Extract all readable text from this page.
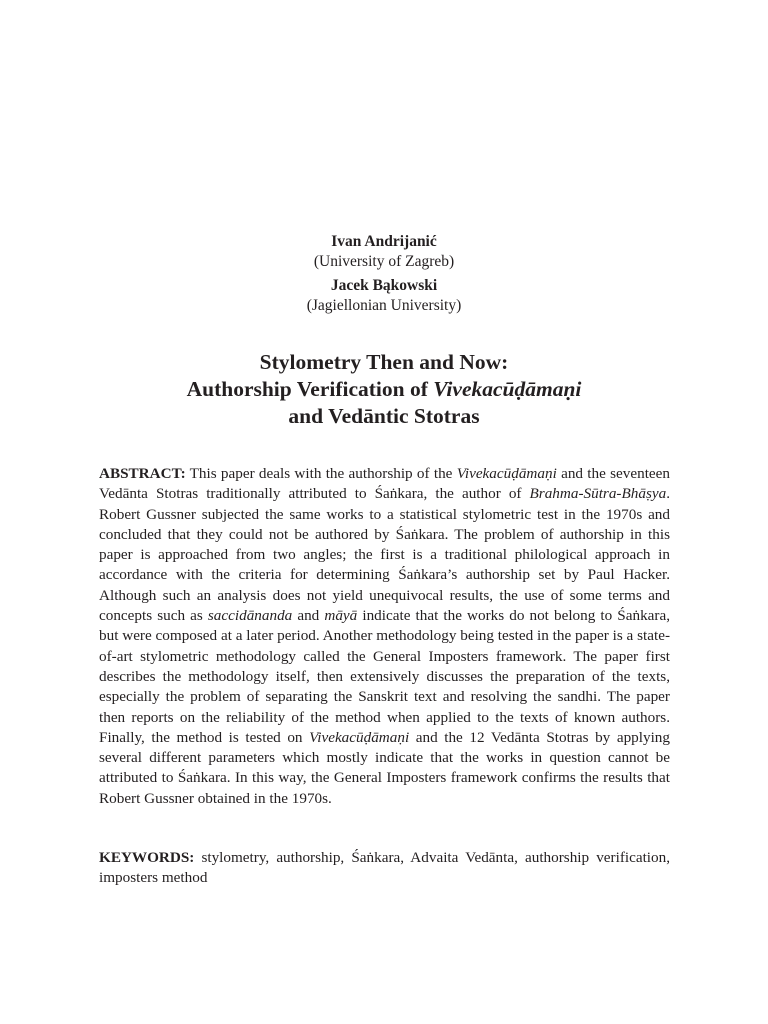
Ivan Andrijanić
(University of Zagreb)
Jacek Bąkowski
(Jagiellonian University)
Stylometry Then and Now:
Authorship Verification of Vivekacūḍāmaṇi
and Vedāntic Stotras
ABSTRACT: This paper deals with the authorship of the Vivekacūḍāmaṇi and the seventeen Vedānta Stotras traditionally attributed to Śaṅkara, the author of Brahma-Sūtra-Bhāṣya. Robert Gussner subjected the same works to a statistical stylometric test in the 1970s and concluded that they could not be authored by Śaṅkara. The problem of authorship in this paper is approached from two angles; the first is a traditional philological approach in accordance with the criteria for determining Śaṅkara’s authorship set by Paul Hacker. Although such an analysis does not yield unequivocal results, the use of some terms and concepts such as saccidānanda and māyā indicate that the works do not belong to Śaṅkara, but were composed at a later period. Another methodology being tested in the paper is a state-of-art stylometric methodology called the General Imposters framework. The paper first describes the methodology itself, then extensively discusses the preparation of the texts, especially the problem of separating the Sanskrit text and resolving the sandhi. The paper then reports on the reliability of the method when applied to the texts of known authors. Finally, the method is tested on Vivekacūḍāmaṇi and the 12 Vedānta Stotras by applying several different parameters which mostly indicate that the works in question cannot be attributed to Śaṅkara. In this way, the General Imposters framework confirms the results that Robert Gussner obtained in the 1970s.
KEYWORDS: stylometry, authorship, Śaṅkara, Advaita Vedānta, authorship verification, imposters method
